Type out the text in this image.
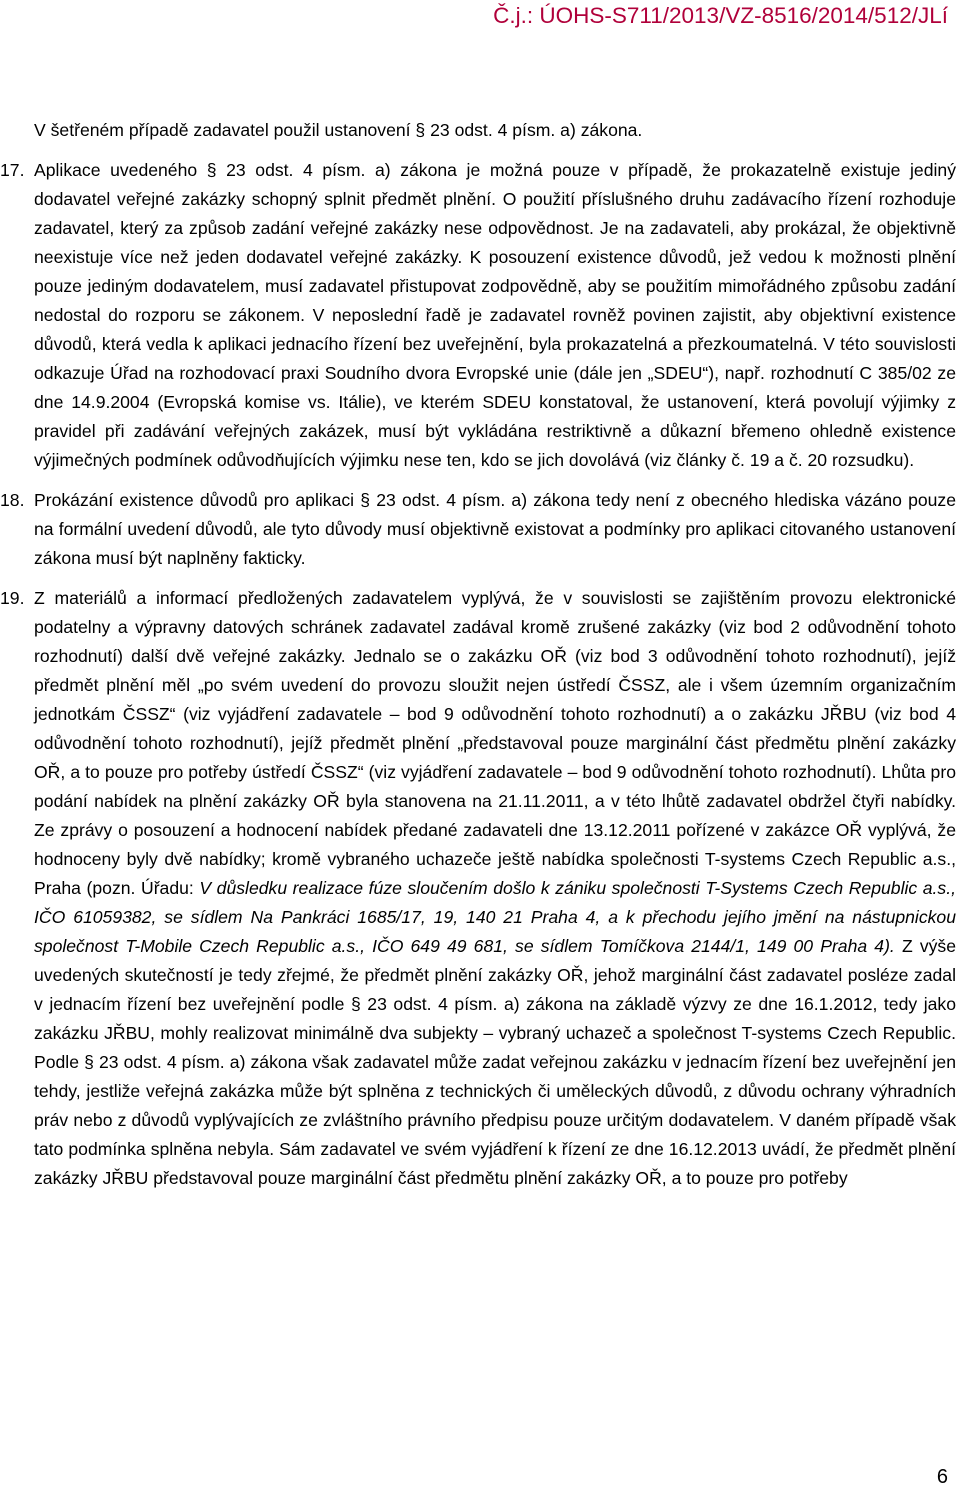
Č.j.: ÚOHS-S711/2013/VZ-8516/2014/512/JLí

V šetřeném případě zadavatel použil ustanovení § 23 odst. 4 písm. a) zákona.

17. Aplikace uvedeného § 23 odst. 4 písm. a) zákona je možná pouze v případě, že prokazatelně existuje jediný dodavatel veřejné zakázky schopný splnit předmět plnění. O použití příslušného druhu zadávacího řízení rozhoduje zadavatel, který za způsob zadání veřejné zakázky nese odpovědnost. Je na zadavateli, aby prokázal, že objektivně neexistuje více než jeden dodavatel veřejné zakázky. K posouzení existence důvodů, jež vedou k možnosti plnění pouze jediným dodavatelem, musí zadavatel přistupovat zodpovědně, aby se použitím mimořádného způsobu zadání nedostal do rozporu se zákonem. V neposlední řadě je zadavatel rovněž povinen zajistit, aby objektivní existence důvodů, která vedla k aplikaci jednacího řízení bez uveřejnění, byla prokazatelná a přezkoumatelná. V této souvislosti odkazuje Úřad na rozhodovací praxi Soudního dvora Evropské unie (dále jen „SDEU“), např. rozhodnutí C 385/02 ze dne 14.9.2004 (Evropská komise vs. Itálie), ve kterém SDEU konstatoval, že ustanovení, která povolují výjimky z pravidel při zadávání veřejných zakázek, musí být vykládána restriktivně a důkazní břemeno ohledně existence výjimečných podmínek odůvodňujících výjimku nese ten, kdo se jich dovolává (viz články č. 19 a č. 20 rozsudku).

18. Prokázání existence důvodů pro aplikaci § 23 odst. 4 písm. a) zákona tedy není z obecného hlediska vázáno pouze na formální uvedení důvodů, ale tyto důvody musí objektivně existovat a podmínky pro aplikaci citovaného ustanovení zákona musí být naplněny fakticky.

19. Z materiálů a informací předložených zadavatelem vyplývá, že v souvislosti se zajištěním provozu elektronické podatelny a výpravny datových schránek zadavatel zadával kromě zrušené zakázky (viz bod 2 odůvodnění tohoto rozhodnutí) další dvě veřejné zakázky. Jednalo se o zakázku OŘ (viz bod 3 odůvodnění tohoto rozhodnutí), jejíž předmět plnění měl „po svém uvedení do provozu sloužit nejen ústředí ČSSZ, ale i všem územním organizačním jednotkám ČSSZ“ (viz vyjádření zadavatele – bod 9 odůvodnění tohoto rozhodnutí) a o zakázku JŘBU (viz bod 4 odůvodnění tohoto rozhodnutí), jejíž předmět plnění „představoval pouze marginální část předmětu plnění zakázky OŘ, a to pouze pro potřeby ústředí ČSSZ“ (viz vyjádření zadavatele – bod 9 odůvodnění tohoto rozhodnutí). Lhůta pro podání nabídek na plnění zakázky OŘ byla stanovena na 21.11.2011, a v této lhůtě zadavatel obdržel čtyři nabídky. Ze zprávy o posouzení a hodnocení nabídek předané zadavateli dne 13.12.2011 pořízené v zakázce OŘ vyplývá, že hodnoceny byly dvě nabídky; kromě vybraného uchazeče ještě nabídka společnosti T-systems Czech Republic a.s., Praha (pozn. Úřadu: V důsledku realizace fúze sloučením došlo k zániku společnosti T-Systems Czech Republic a.s., IČO 61059382, se sídlem Na Pankráci 1685/17, 19, 140 21 Praha 4, a k přechodu jejího jmění na nástupnickou společnost T-Mobile Czech Republic a.s., IČO 649 49 681, se sídlem Tomíčkova 2144/1, 149 00 Praha 4). Z výše uvedených skutečností je tedy zřejmé, že předmět plnění zakázky OŘ, jehož marginální část zadavatel posléze zadal v jednacím řízení bez uveřejnění podle § 23 odst. 4 písm. a) zákona na základě výzvy ze dne 16.1.2012, tedy jako zakázku JŘBU, mohly realizovat minimálně dva subjekty – vybraný uchazeč a společnost T-systems Czech Republic. Podle § 23 odst. 4 písm. a) zákona však zadavatel může zadat veřejnou zakázku v jednacím řízení bez uveřejnění jen tehdy, jestliže veřejná zakázka může být splněna z technických či uměleckých důvodů, z důvodu ochrany výhradních práv nebo z důvodů vyplývajících ze zvláštního právního předpisu pouze určitým dodavatelem. V daném případě však tato podmínka splněna nebyla. Sám zadavatel ve svém vyjádření k řízení ze dne 16.12.2013 uvádí, že předmět plnění zakázky JŘBU představoval pouze marginální část předmětu plnění zakázky OŘ, a to pouze pro potřeby

6
